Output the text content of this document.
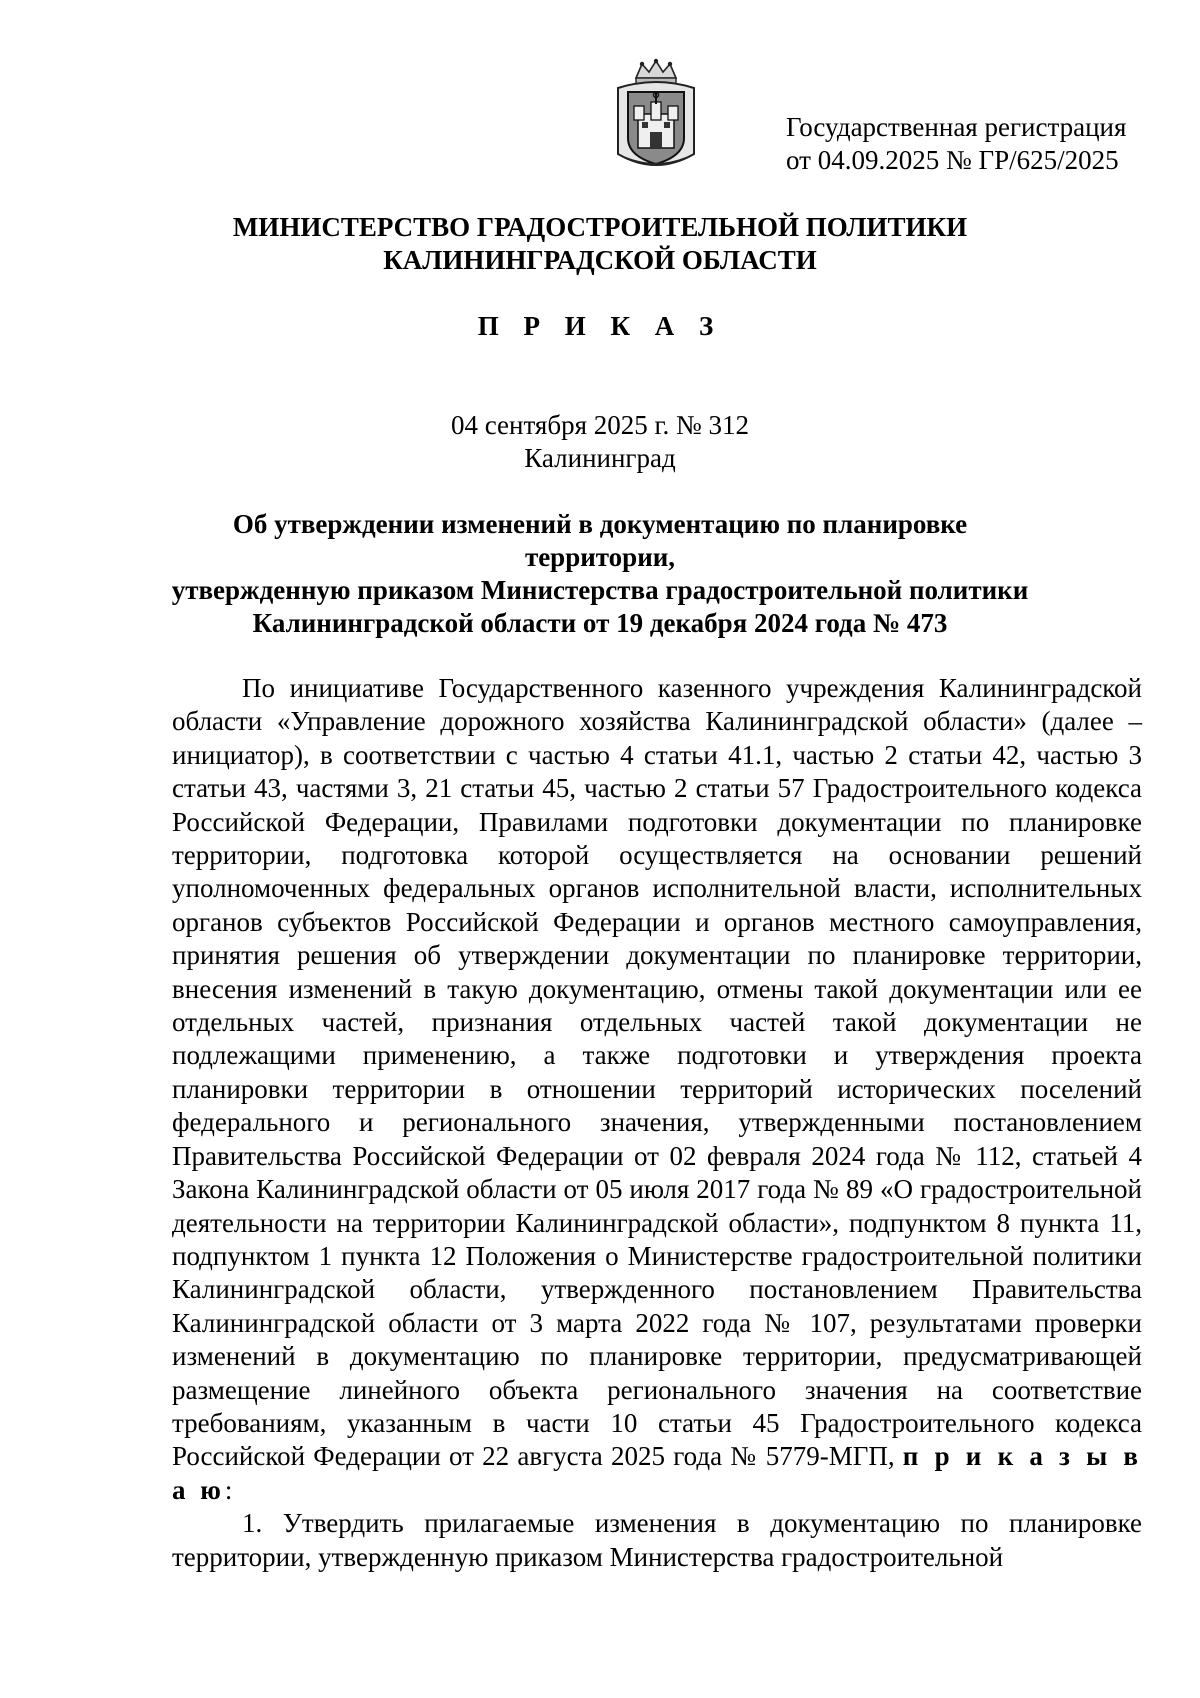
Государственная регистрация
от 04.09.2025 № ГР/625/2025
МИНИСТЕРСТВО ГРАДОСТРОИТЕЛЬНОЙ ПОЛИТИКИ
КАЛИНИНГРАДСКОЙ ОБЛАСТИ
П Р И К А З
04 сентября 2025 г. № 312
Калининград
Об утверждении изменений в документацию по планировке территории,
утвержденную приказом Министерства градостроительной политики
Калининградской области от 19 декабря 2024 года № 473

По инициативе Государственного казенного учреждения Калининградской области «Управление дорожного хозяйства Калининградской области» (далее – инициатор), в соответствии с частью 4 статьи 41.1, частью 2 статьи 42, частью 3 статьи 43, частями 3, 21 статьи 45, частью 2 статьи 57 Градостроительного кодекса Российской Федерации, Правилами подготовки документации по планировке территории, подготовка которой осуществляется на основании решений уполномоченных федеральных органов исполнительной власти, исполнительных органов субъектов Российской Федерации и органов местного самоуправления, принятия решения об утверждении документации по планировке территории, внесения изменений в такую документацию, отмены такой документации или ее отдельных частей, признания отдельных частей такой документации не подлежащими применению, а также подготовки и утверждения проекта планировки территории в отношении территорий исторических поселений федерального и регионального значения, утвержденными постановлением Правительства Российской Федерации от 02 февраля 2024 года № 112, статьей 4 Закона Калининградской области от 05 июля 2017 года № 89 «О градостроительной деятельности на территории Калининградской области», подпунктом 8 пункта 11, подпунктом 1 пункта 12 Положения о Министерстве градостроительной политики Калининградской области, утвержденного постановлением Правительства Калининградской области от 3 марта 2022 года № 107, результатами проверки изменений в документацию по планировке территории, предусматривающей размещение линейного объекта регионального значения на соответствие требованиям, указанным в части 10 статьи 45 Градостроительного кодекса Российской Федерации от 22 августа 2025 года № 5779-МГП, п р и к а з ы в а ю:

1. Утвердить прилагаемые изменения в документацию по планировке территории, утвержденную приказом Министерства градостроительной
